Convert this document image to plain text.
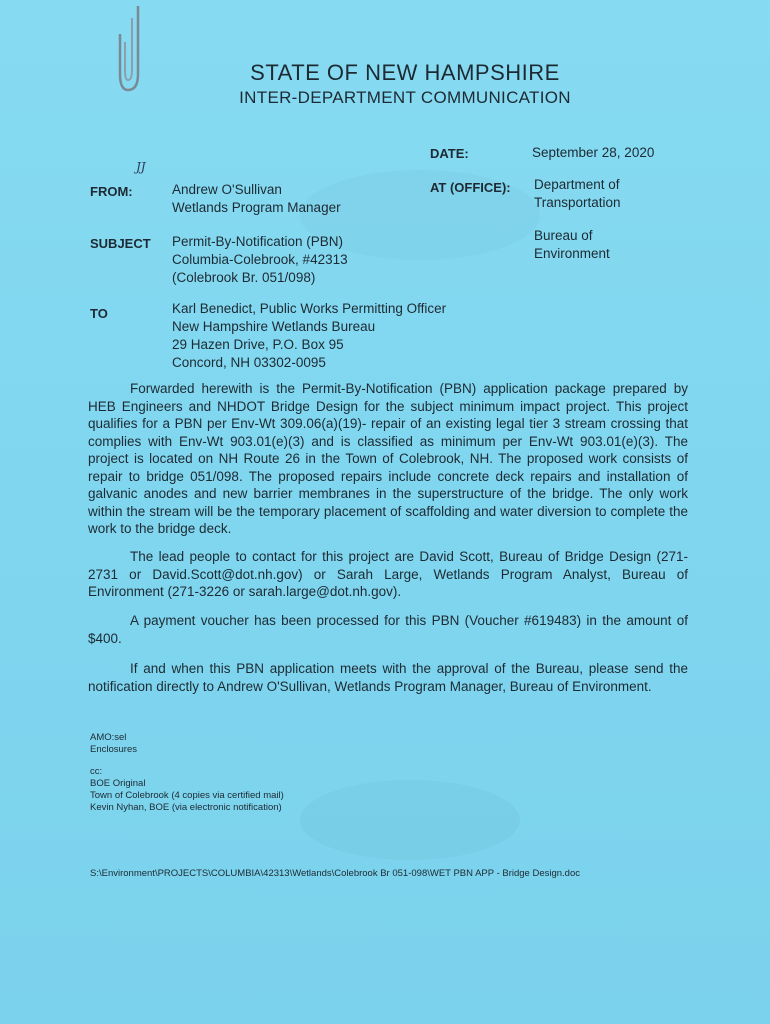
STATE OF NEW HAMPSHIRE
INTER-DEPARTMENT COMMUNICATION
DATE:	September 28, 2020
FROM:
JJ
Andrew O'Sullivan
Wetlands Program Manager
AT (OFFICE): Department of
Transportation
Bureau of
Environment
SUBJECT Permit-By-Notification (PBN)
Columbia-Colebrook, #42313
(Colebrook Br. 051/098)
TO	Karl Benedict, Public Works Permitting Officer
New Hampshire Wetlands Bureau
29 Hazen Drive, P.O. Box 95
Concord, NH 03302-0095
Forwarded herewith is the Permit-By-Notification (PBN) application package prepared by HEB Engineers and NHDOT Bridge Design for the subject minimum impact project. This project qualifies for a PBN per Env-Wt 309.06(a)(19)- repair of an existing legal tier 3 stream crossing that complies with Env-Wt 903.01(e)(3) and is classified as minimum per Env-Wt 903.01(e)(3). The project is located on NH Route 26 in the Town of Colebrook, NH. The proposed work consists of repair to bridge 051/098. The proposed repairs include concrete deck repairs and installation of galvanic anodes and new barrier membranes in the superstructure of the bridge. The only work within the stream will be the temporary placement of scaffolding and water diversion to complete the work to the bridge deck.
The lead people to contact for this project are David Scott, Bureau of Bridge Design (271-2731 or David.Scott@dot.nh.gov) or Sarah Large, Wetlands Program Analyst, Bureau of Environment (271-3226 or sarah.large@dot.nh.gov).
A payment voucher has been processed for this PBN (Voucher #619483) in the amount of $400.
If and when this PBN application meets with the approval of the Bureau, please send the notification directly to Andrew O'Sullivan, Wetlands Program Manager, Bureau of Environment.
AMO:sel
Enclosures
cc:
BOE Original
Town of Colebrook (4 copies via certified mail)
Kevin Nyhan, BOE (via electronic notification)
S:\Environment\PROJECTS\COLUMBIA\42313\Wetlands\Colebrook Br 051-098\WET PBN APP - Bridge Design.doc
